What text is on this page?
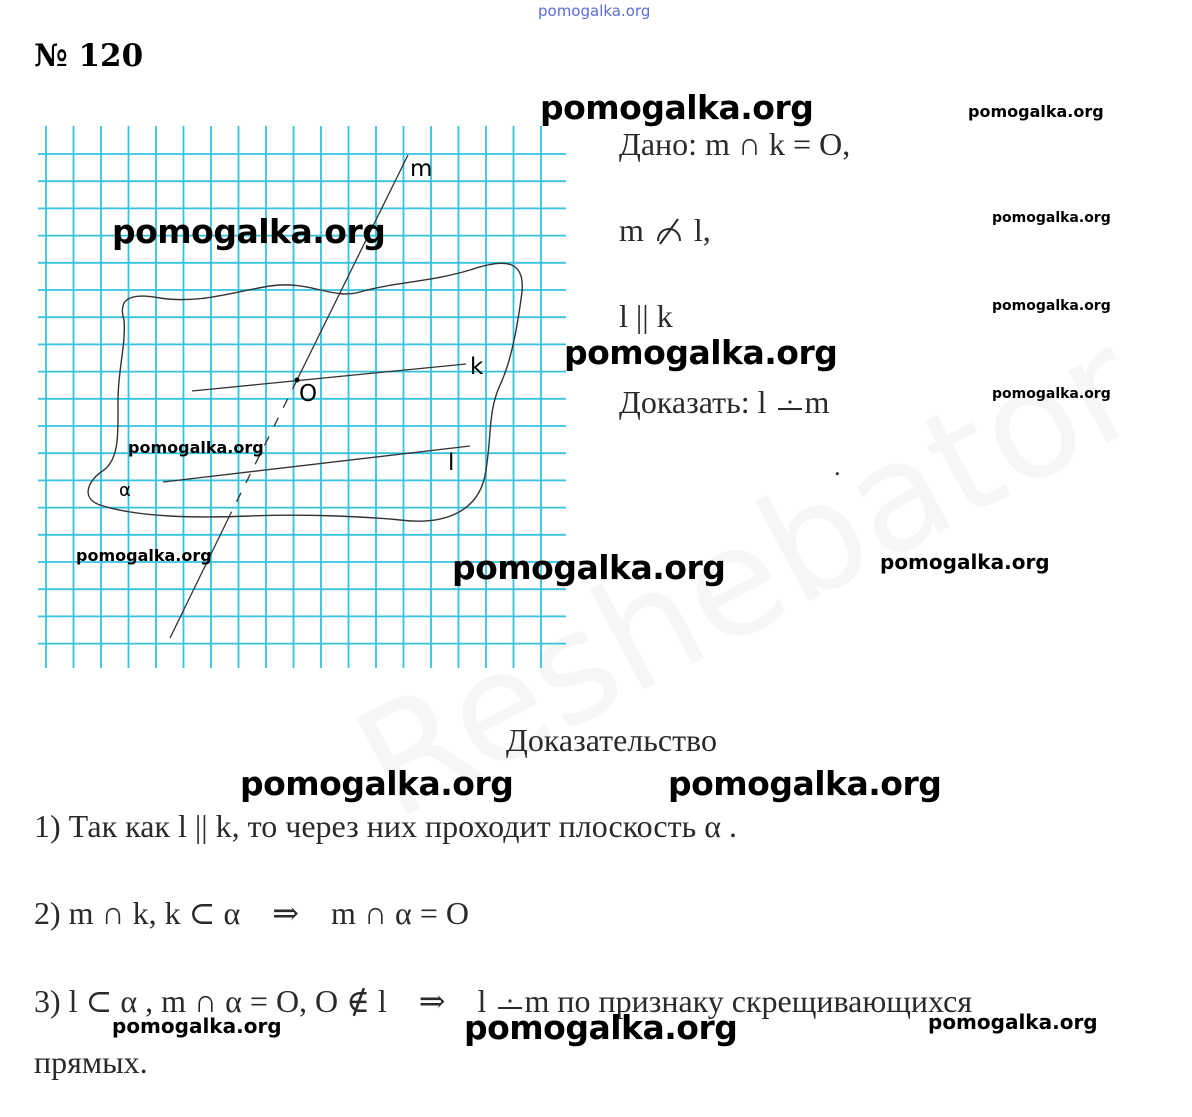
pomogalka.org
№ 120
m
k
O
l
α
Дано: m ∩ k = O,
m l,
l || k
Доказать: l m
.
Доказательство
1) Так как l || k, то через них проходит плоскость α .
2) m ∩ k, k ⊂ α    ⇒    m ∩ α = O
3) l ⊂ α , m ∩ α = O, O ∉ l    ⇒    l m по признаку скрещивающихся
прямых.
pomogalka.org	pomogalka.org
pomogalka.org	pomogalka.org
pomogalka.org
pomogalka.org
pomogalka.org
pomogalka.org
pomogalka.org	pomogalka.org	pomogalka.org
pomogalka.org	pomogalka.org
pomogalka.org	pomogalka.org	pomogalka.org
